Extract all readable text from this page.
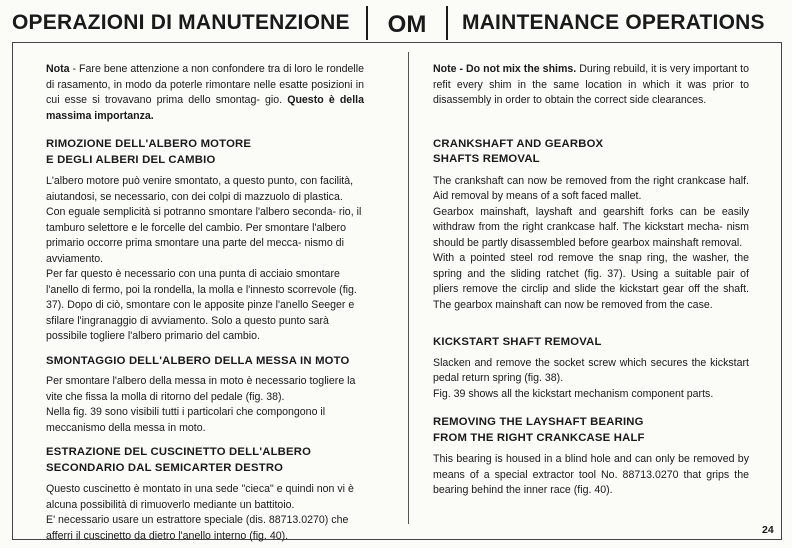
OPERAZIONI DI MANUTENZIONE	OM	MAINTENANCE OPERATIONS

Nota - Fare bene attenzione a non confondere tra di loro le rondelle di rasamento, in modo da poterle rimontare nelle esatte posizioni in cui esse si trovavano prima dello smontag- gio. Questo è della massima importanza.

RIMOZIONE DELL'ALBERO MOTORE
E DEGLI ALBERI DEL CAMBIO

L'albero motore può venire smontato, a questo punto, con facilità, aiutandosi, se necessario, con dei colpi di mazzuolo di plastica.

Con eguale semplicità si potranno smontare l'albero seconda- rio, il tamburo selettore e le forcelle del cambio. Per smontare l'albero primario occorre prima smontare una parte del mecca- nismo di avviamento.

Per far questo è necessario con una punta di acciaio smontare l'anello di fermo, poi la rondella, la molla e l'innesto scorrevole (fig. 37). Dopo di ciò, smontare con le apposite pinze l'anello Seeger e sfilare l'ingranaggio di avviamento. Solo a questo punto sarà possibile togliere l'albero primario del cambio.

SMONTAGGIO DELL'ALBERO DELLA MESSA IN MOTO

Per smontare l'albero della messa in moto è necessario togliere la vite che fissa la molla di ritorno del pedale (fig. 38).

Nella fig. 39 sono visibili tutti i particolari che compongono il meccanismo della messa in moto.

ESTRAZIONE DEL CUSCINETTO DELL'ALBERO
SECONDARIO DAL SEMICARTER DESTRO

Questo cuscinetto è montato in una sede "cieca" e quindi non vi è alcuna possibilità di rimuoverlo mediante un battitoio.

E' necessario usare un estrattore speciale (dis. 88713.0270) che afferri il cuscinetto da dietro l'anello interno (fig. 40).

Note - Do not mix the shims. During rebuild, it is very important to refit every shim in the same location in which it was prior to disassembly in order to obtain the correct side clearances.

CRANKSHAFT AND GEARBOX
SHAFTS REMOVAL

The crankshaft can now be removed from the right crankcase half. Aid removal by means of a soft faced mallet.

Gearbox mainshaft, layshaft and gearshift forks can be easily withdraw from the right crankcase half. The kickstart mecha- nism should be partly disassembled before gearbox mainshaft removal.

With a pointed steel rod remove the snap ring, the washer, the spring and the sliding ratchet (fig. 37). Using a suitable pair of pliers remove the circlip and slide the kickstart gear off the shaft. The gearbox mainshaft can now be removed from the case.

KICKSTART SHAFT REMOVAL

Slacken and remove the socket screw which secures the kickstart pedal return spring (fig. 38).

Fig. 39 shows all the kickstart mechanism component parts.

REMOVING THE LAYSHAFT BEARING
FROM THE RIGHT CRANKCASE HALF

This bearing is housed in a blind hole and can only be removed by means of a special extractor tool No. 88713.0270 that grips the bearing behind the inner race (fig. 40).

24
